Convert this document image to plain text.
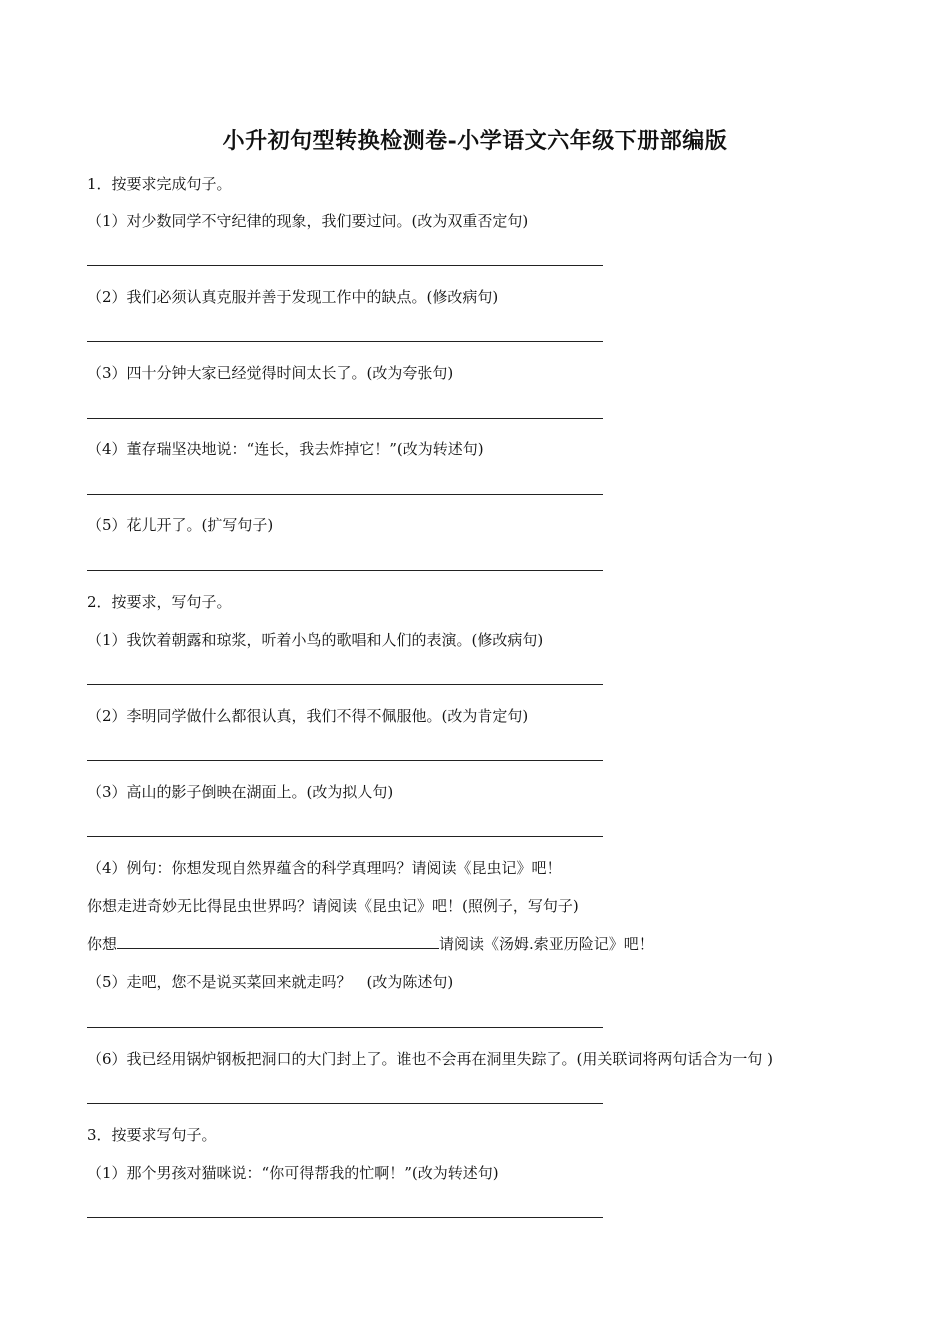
小升初句型转换检测卷-小学语文六年级下册部编版
1．按要求完成句子。
（1）对少数同学不守纪律的现象，我们要过问。(改为双重否定句)
（2）我们必须认真克服并善于发现工作中的缺点。(修改病句)
（3）四十分钟大家已经觉得时间太长了。(改为夸张句)
（4）董存瑞坚决地说：“连长，我去炸掉它！”(改为转述句)
（5）花儿开了。(扩写句子)
2．按要求，写句子。
（1）我饮着朝露和琼浆，听着小鸟的歌唱和人们的表演。(修改病句)
（2）李明同学做什么都很认真，我们不得不佩服他。(改为肯定句)
（3）高山的影子倒映在湖面上。(改为拟人句)
（4）例句：你想发现自然界蕴含的科学真理吗？请阅读《昆虫记》吧！
你想走进奇妙无比得昆虫世界吗？请阅读《昆虫记》吧！(照例子，写句子)
你想	请阅读《汤姆.索亚历险记》吧！
（5）走吧，您不是说买菜回来就走吗？　(改为陈述句)
（6）我已经用锅炉钢板把洞口的大门封上了。谁也不会再在洞里失踪了。(用关联词将两句话合为一句 )
3．按要求写句子。
（1）那个男孩对猫咪说：“你可得帮我的忙啊！”(改为转述句)
